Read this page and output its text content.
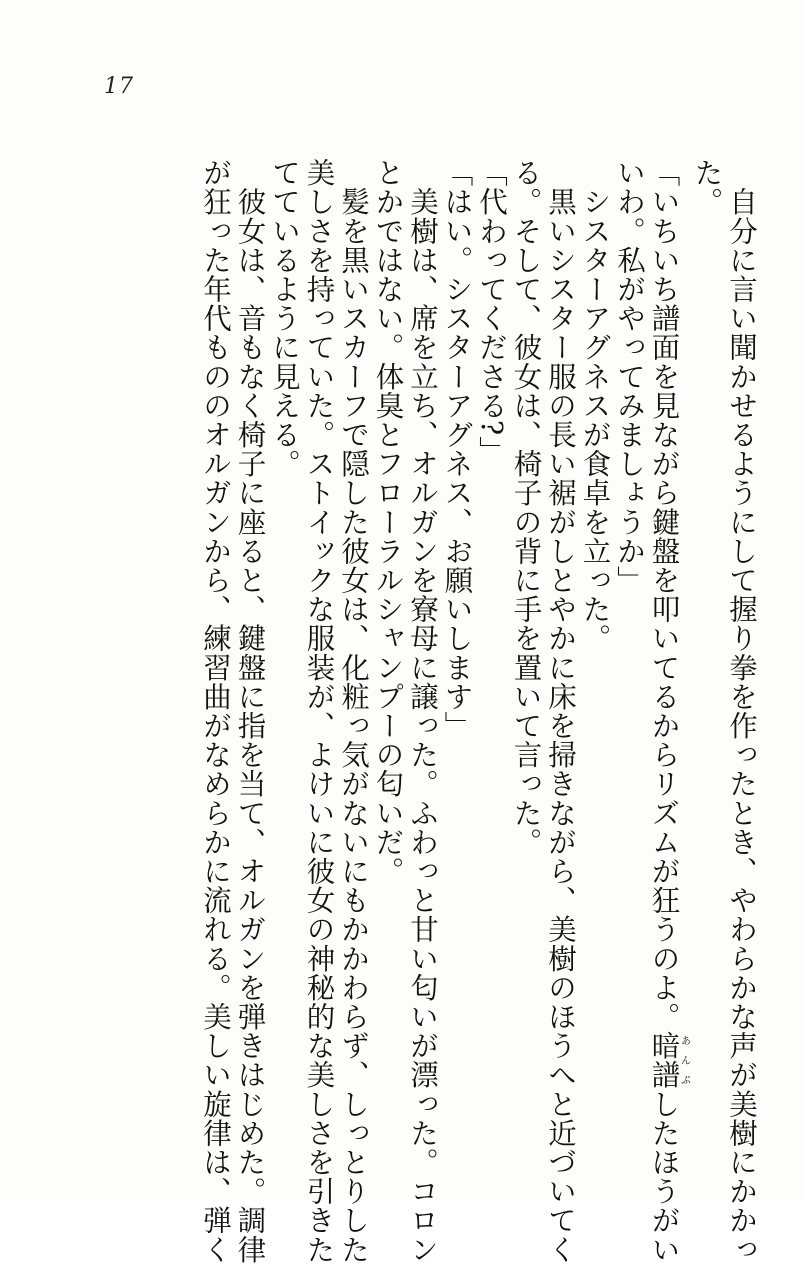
17
　自分に言い聞かせるようにして握り拳を作ったとき、やわらかな声が美樹にかかっ
た。
「いちいち譜面を見ながら鍵盤を叩いてるからリズムが狂うのよ。暗譜あんぷしたほうがい
いわ。私がやってみましょうか」
　シスターアグネスが食卓を立った。
　黒いシスター服の長い裾がしとやかに床を掃きながら、美樹のほうへと近づいてく
る。そして、彼女は、椅子の背に手を置いて言った。
「代わってくださる?」
「はい。シスターアグネス、お願いします」
　美樹は、席を立ち、オルガンを寮母に譲った。ふわっと甘い匂いが漂った。コロン
とかではない。体臭とフローラルシャンプーの匂いだ。
　髪を黒いスカーフで隠した彼女は、化粧っ気がないにもかかわらず、しっとりした
美しさを持っていた。ストイックな服装が、よけいに彼女の神秘的な美しさを引きた
てているように見える。
　彼女は、音もなく椅子に座ると、鍵盤に指を当て、オルガンを弾きはじめた。調律
が狂った年代もののオルガンから、練習曲がなめらかに流れる。美しい旋律は、弾く
